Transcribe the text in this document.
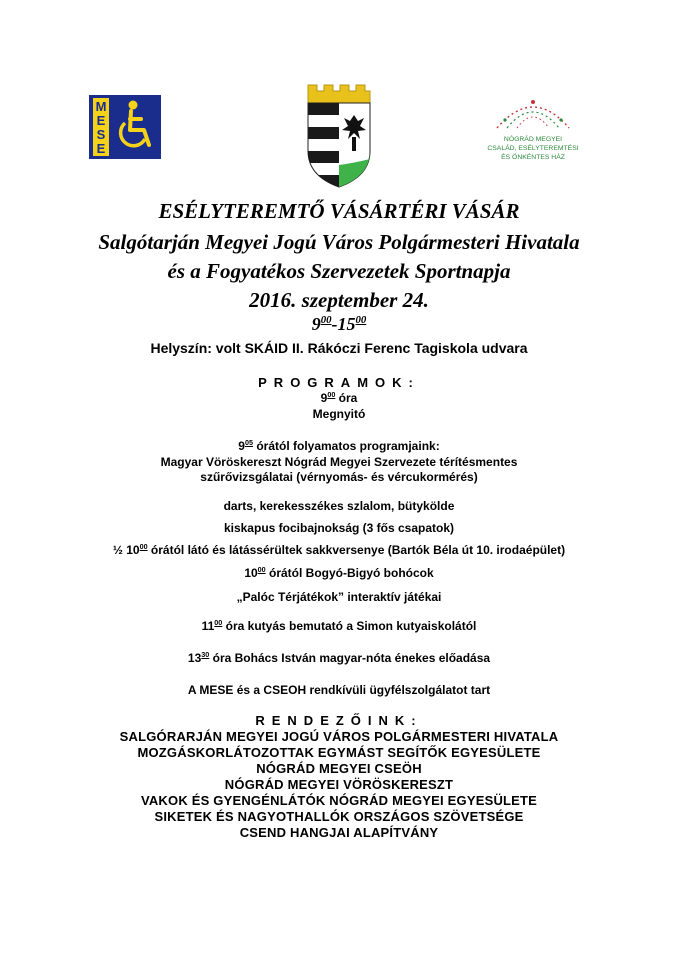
M
E
S
E
NÓGRÁD MEGYEI
CSALÁD, ESÉLYTEREMTÉSI
ÉS ÖNKÉNTES HÁZ
ESÉLYTEREMTŐ VÁSÁRTÉRI VÁSÁR
Salgótarján Megyei Jogú Város Polgármesteri Hivatala
és a Fogyatékos Szervezetek Sportnapja
2016. szeptember 24.
$9^{00}-15^{00}$
Helyszín: volt SKÁID II. Rákóczi Ferenc Tagiskola udvara
PROGRAMOK:
$9^{00}$ óra
Megnyitó
$9^{05}$ órától folyamatos programjaink:
Magyar Vöröskereszt Nógrád Megyei Szervezete térítésmentes
szűrővizsgálatai (vérnyomás- és vércukormérés)
darts, kerekesszékes szlalom, bütykölde
kiskapus focibajnokság (3 fős csapatok)
½ $10^{00}$ órától látó és látássérültek sakkversenye (Bartók Béla út 10. irodaépület)
$10^{00}$ órától Bogyó-Bigyó bohócok
„Palóc Térjátékok” interaktív játékai
$11^{00}$ óra kutyás bemutató a Simon kutyaiskolától
$13^{30}$ óra Bohács István magyar-nóta énekes előadása
A MESE és a CSEOH rendkívüli ügyfélszolgálatot tart
RENDEZŐINK:
SALGÓRARJÁN MEGYEI JOGÚ VÁROS POLGÁRMESTERI HIVATALA
MOZGÁSKORLÁTOZOTTAK EGYMÁST SEGÍTŐK EGYESÜLETE
NÓGRÁD MEGYEI CSEÖH
NÓGRÁD MEGYEI VÖRÖSKERESZT
VAKOK ÉS GYENGÉNLÁTÓK NÓGRÁD MEGYEI EGYESÜLETE
SIKETEK ÉS NAGYOTHALLÓK ORSZÁGOS SZÖVETSÉGE
CSEND HANGJAI ALAPÍTVÁNY
